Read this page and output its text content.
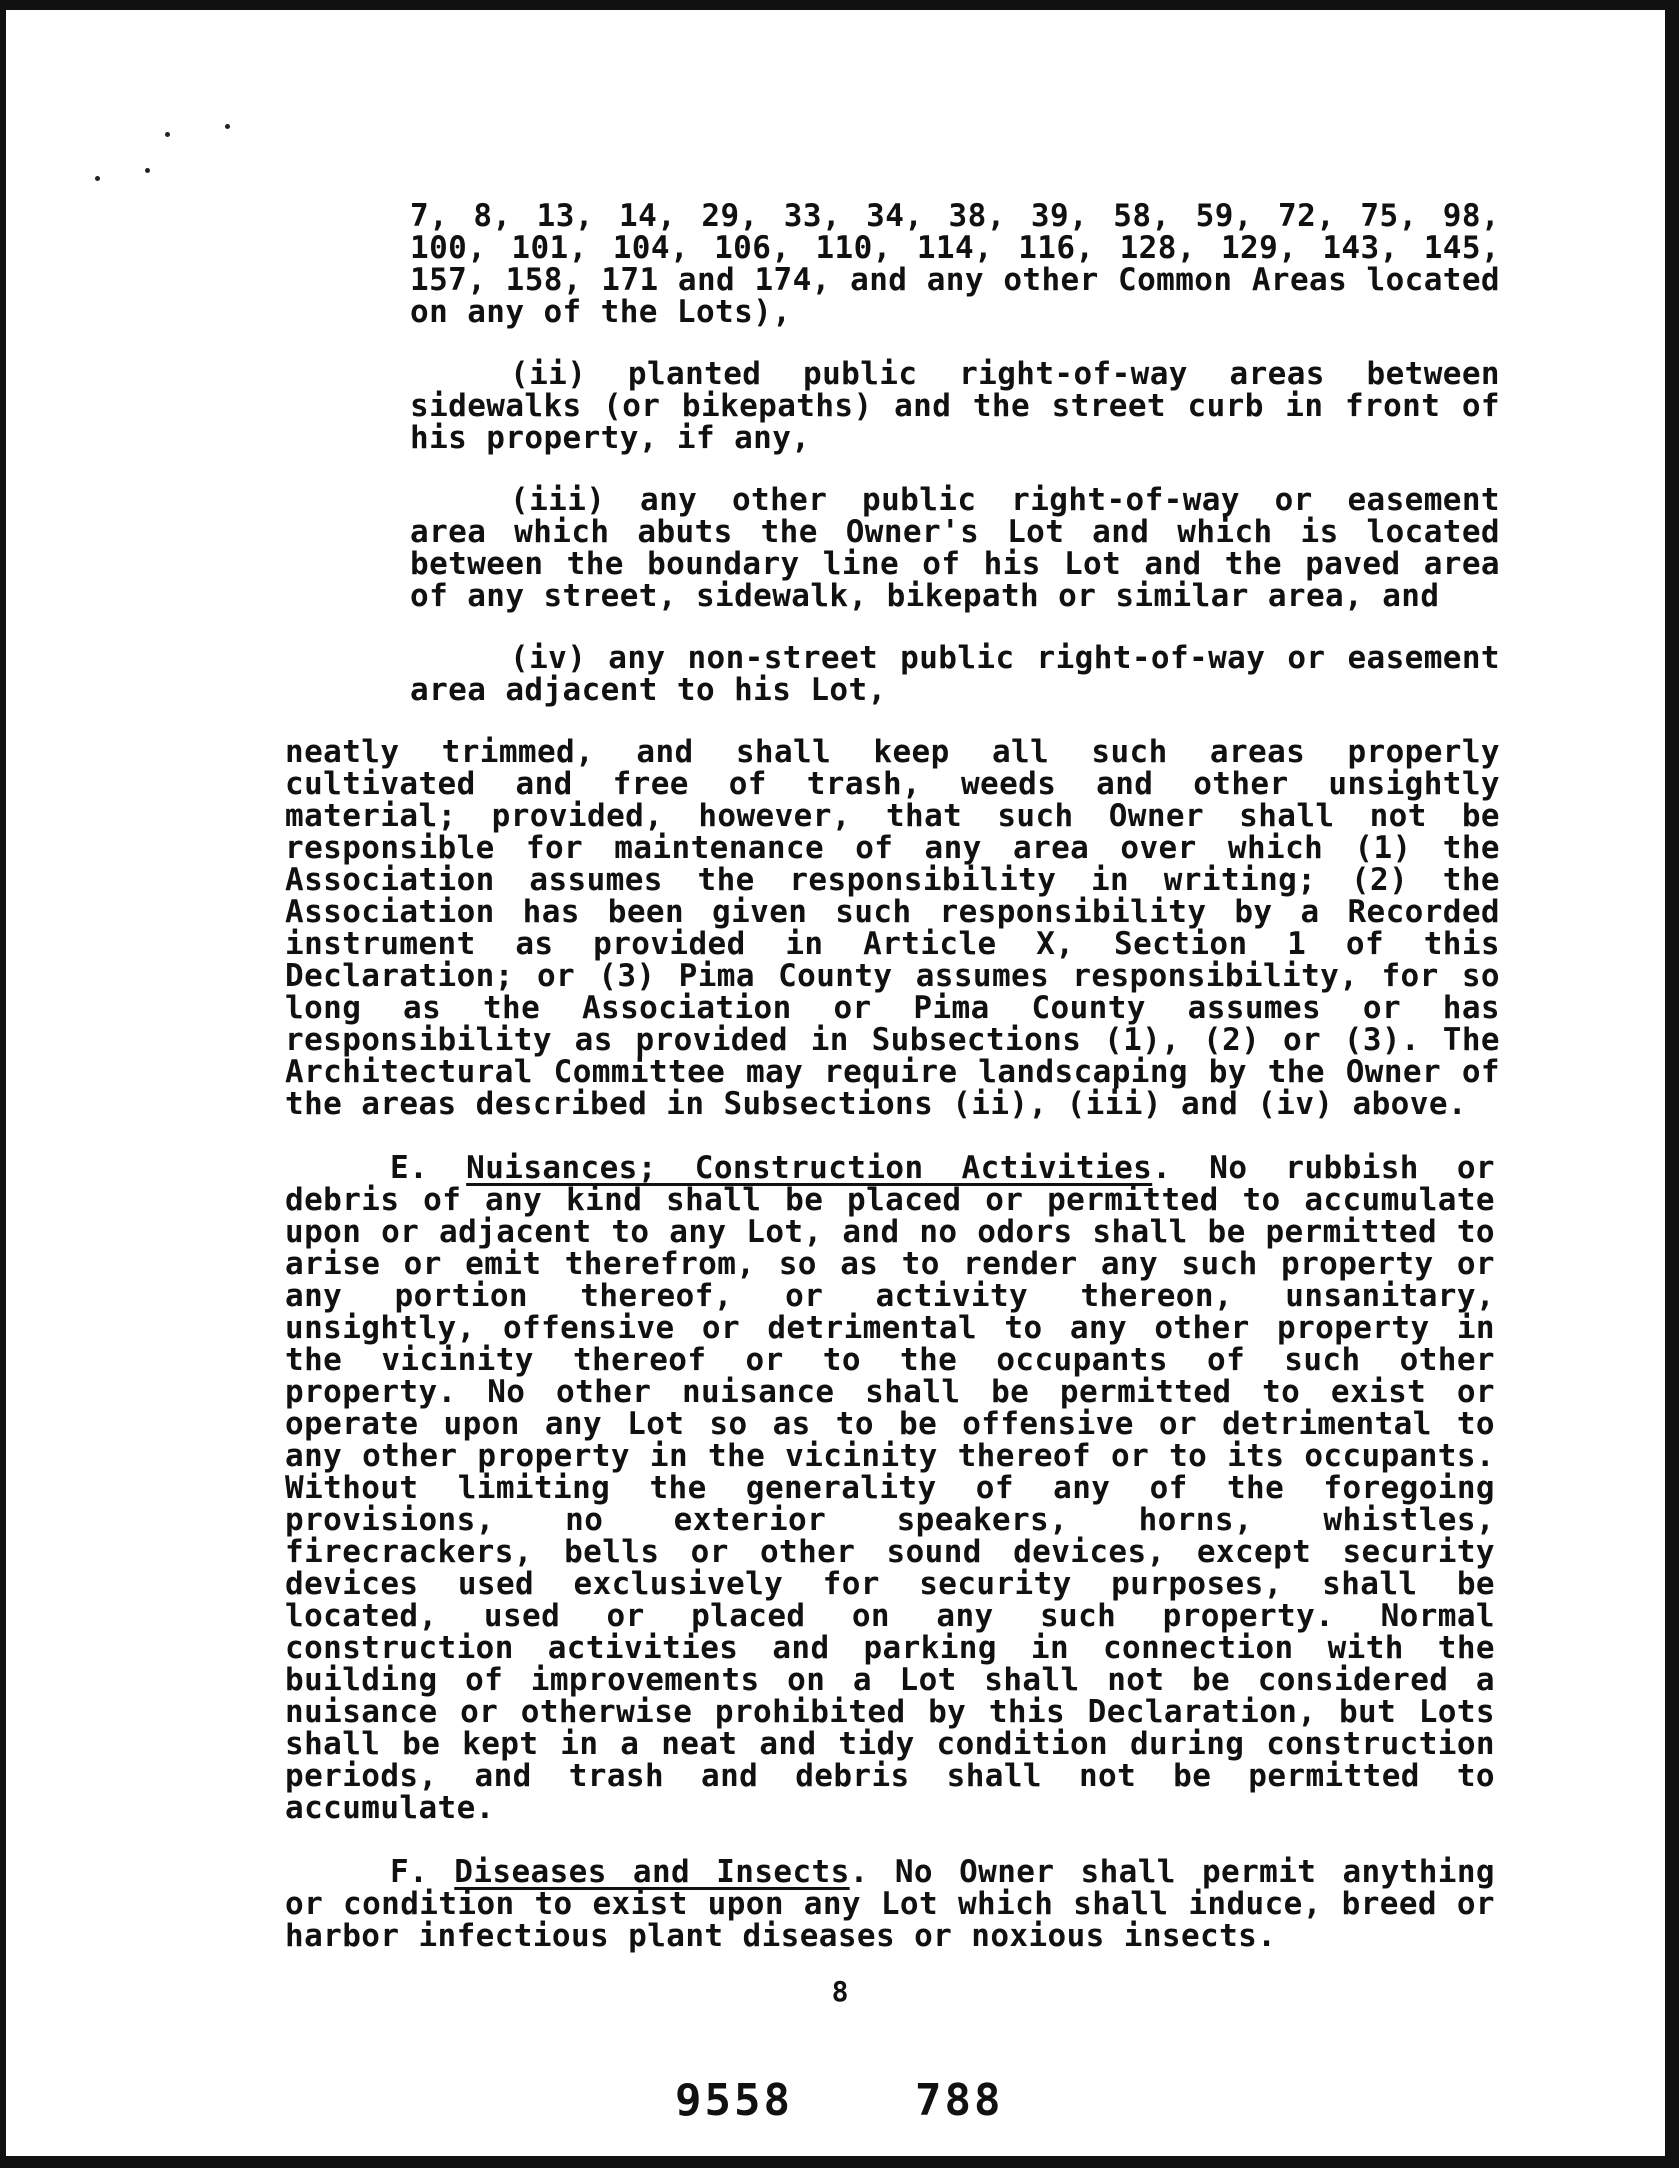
7, 8, 13, 14, 29, 33, 34, 38, 39, 58, 59, 72, 75, 98, 100, 101, 104, 106, 110, 114, 116, 128, 129, 143, 145, 157, 158, 171 and 174, and any other Common Areas located on any of the Lots),

(ii) planted public right-of-way areas between sidewalks (or bikepaths) and the street curb in front of his property, if any,

(iii) any other public right-of-way or easement area which abuts the Owner's Lot and which is located between the boundary line of his Lot and the paved area of any street, sidewalk, bikepath or similar area, and

(iv) any non-street public right-of-way or easement area adjacent to his Lot,

neatly trimmed, and shall keep all such areas properly cultivated and free of trash, weeds and other unsightly material; provided, however, that such Owner shall not be responsible for maintenance of any area over which (1) the Association assumes the responsibility in writing; (2) the Association has been given such responsibility by a Recorded instrument as provided in Article X, Section 1 of this Declaration; or (3) Pima County assumes responsibility, for so long as the Association or Pima County assumes or has responsibility as provided in Subsections (1), (2) or (3). The Architectural Committee may require landscaping by the Owner of the areas described in Subsections (ii), (iii) and (iv) above.

E. Nuisances; Construction Activities. No rubbish or debris of any kind shall be placed or permitted to accumulate upon or adjacent to any Lot, and no odors shall be permitted to arise or emit therefrom, so as to render any such property or any portion thereof, or activity thereon, unsanitary, unsightly, offensive or detrimental to any other property in the vicinity thereof or to the occupants of such other property. No other nuisance shall be permitted to exist or operate upon any Lot so as to be offensive or detrimental to any other property in the vicinity thereof or to its occupants. Without limiting the generality of any of the foregoing provisions, no exterior speakers, horns, whistles, firecrackers, bells or other sound devices, except security devices used exclusively for security purposes, shall be located, used or placed on any such property. Normal construction activities and parking in connection with the building of improvements on a Lot shall not be considered a nuisance or otherwise prohibited by this Declaration, but Lots shall be kept in a neat and tidy condition during construction periods, and trash and debris shall not be permitted to accumulate.

F. Diseases and Insects. No Owner shall permit anything or condition to exist upon any Lot which shall induce, breed or harbor infectious plant diseases or noxious insects.

8
9558	788
